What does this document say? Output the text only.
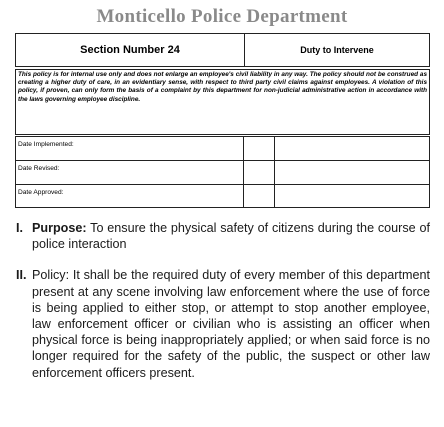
Monticello Police Department
Section Number 24	Duty to Intervene
This policy is for internal use only and does not enlarge an employee's civil liability in any way. The policy should not be construed as creating a higher duty of care, in an evidentiary sense, with respect to third party civil claims against employees. A violation of this policy, if proven, can only form the basis of a complaint by this department for non-judicial administrative action in accordance with the laws governing employee discipline.
Date Implemented:
Date Revised:
Date Approved:
I. Purpose: To ensure the physical safety of citizens during the course of police interaction
II. Policy: It shall be the required duty of every member of this department present at any scene involving law enforcement where the use of force is being applied to either stop, or attempt to stop another employee, law enforcement officer or civilian who is assisting an officer when physical force is being inappropriately applied; or when said force is no longer required for the safety of the public, the suspect or other law enforcement officers present.
